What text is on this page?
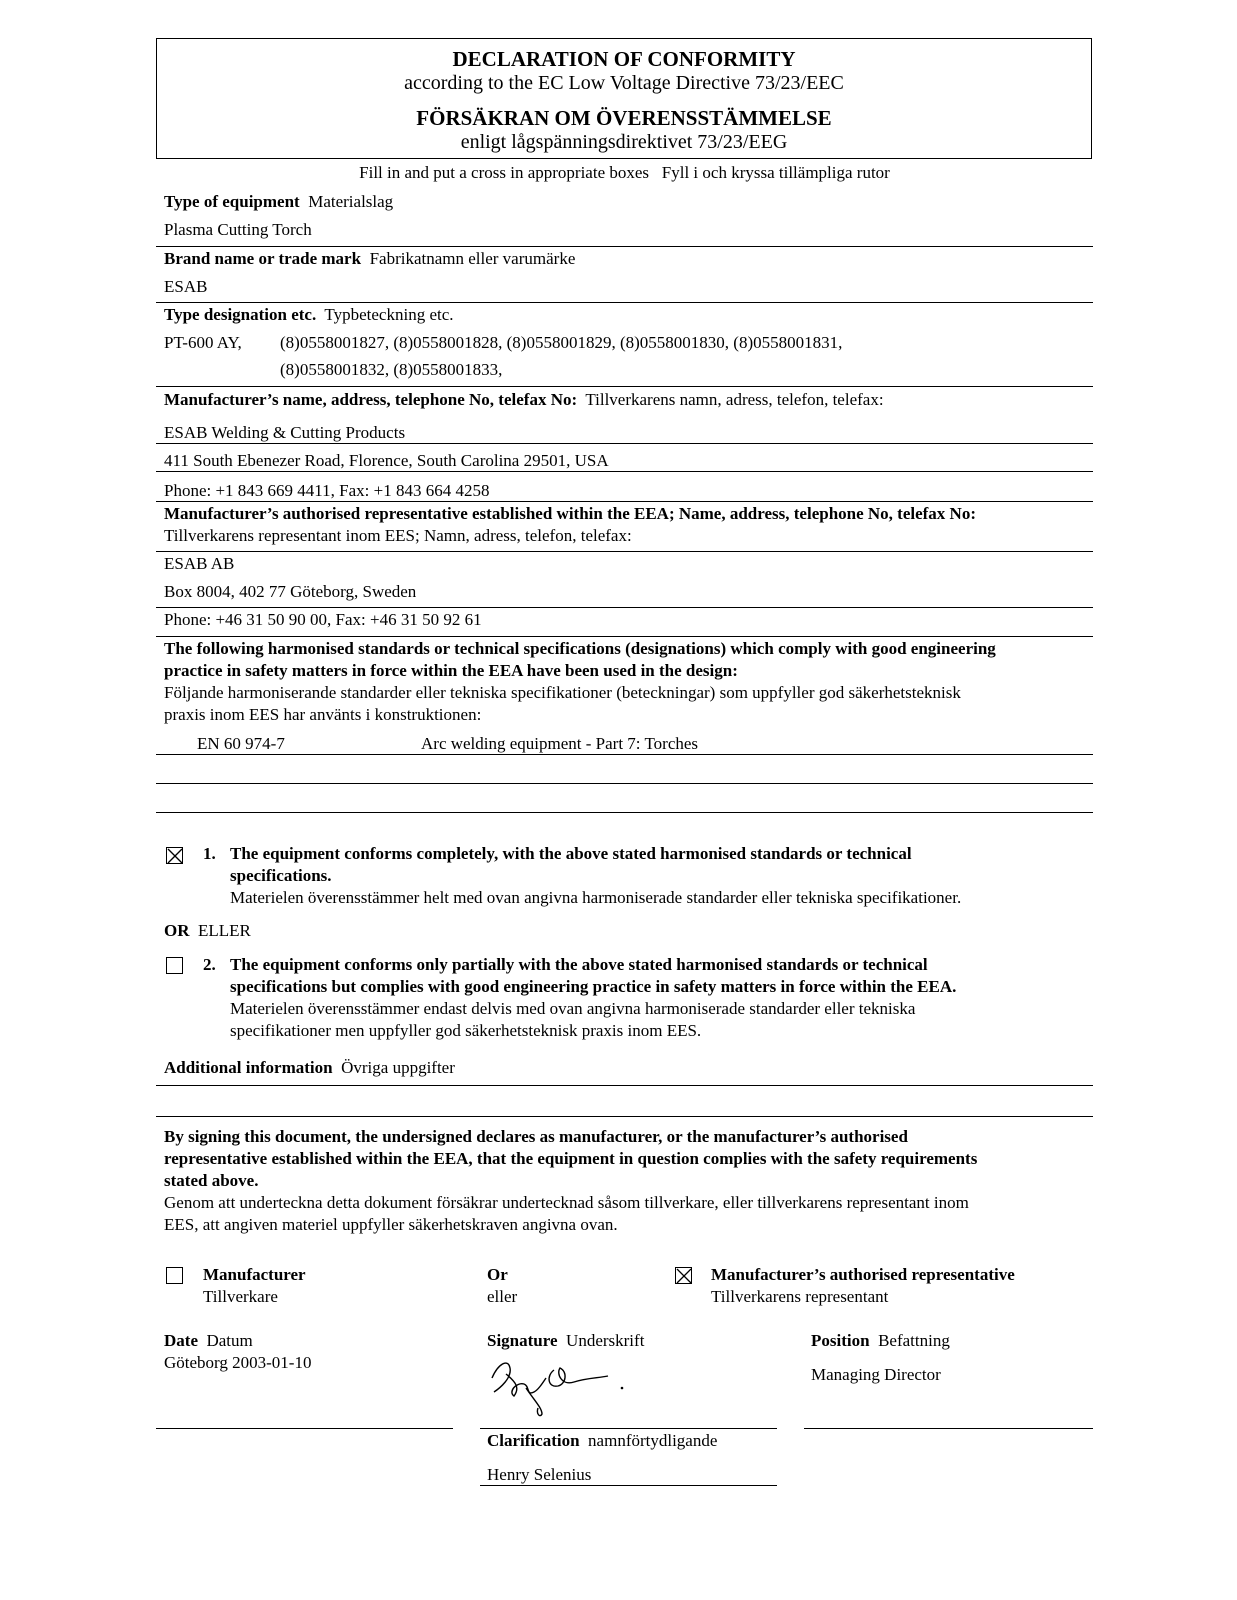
DECLARATION OF CONFORMITY
according to the EC Low Voltage Directive 73/23/EEC
FÖRSÄKRAN OM ÖVERENSSTÄMMELSE
enligt lågspänningsdirektivet 73/23/EEG
Fill in and put a cross in appropriate boxes   Fyll i och kryssa tillämpliga rutor
Type of equipment Materialslag
Plasma Cutting Torch
Brand name or trade mark Fabrikatnamn eller varumärke
ESAB
Type designation etc. Typbeteckning etc.
PT-600 AY, (8)0558001827, (8)0558001828, (8)0558001829, (8)0558001830, (8)0558001831,
(8)0558001832, (8)0558001833,
Manufacturer’s name, address, telephone No, telefax No: Tillverkarens namn, adress, telefon, telefax:
ESAB Welding & Cutting Products
411 South Ebenezer Road, Florence, South Carolina 29501, USA
Phone: +1 843 669 4411, Fax: +1 843 664 4258
Manufacturer’s authorised representative established within the EEA; Name, address, telephone No, telefax No:
Tillverkarens representant inom EES; Namn, adress, telefon, telefax:
ESAB AB
Box 8004, 402 77 Göteborg, Sweden
Phone: +46 31 50 90 00, Fax: +46 31 50 92 61
The following harmonised standards or technical specifications (designations) which comply with good engineering
practice in safety matters in force within the EEA have been used in the design:
Följande harmoniserande standarder eller tekniska specifikationer (beteckningar) som uppfyller god säkerhetsteknisk
praxis inom EES har använts i konstruktionen:
EN 60 974-7	Arc welding equipment - Part 7: Torches
1. The equipment conforms completely, with the above stated harmonised standards or technical
specifications.
Materielen överensstämmer helt med ovan angivna harmoniserade standarder eller tekniska specifikationer.
OR ELLER
2. The equipment conforms only partially with the above stated harmonised standards or technical
specifications but complies with good engineering practice in safety matters in force within the EEA.
Materielen överensstämmer endast delvis med ovan angivna harmoniserade standarder eller tekniska
specifikationer men uppfyller god säkerhetsteknisk praxis inom EES.
Additional information Övriga uppgifter
By signing this document, the undersigned declares as manufacturer, or the manufacturer’s authorised
representative established within the EEA, that the equipment in question complies with the safety requirements
stated above.
Genom att underteckna detta dokument försäkrar undertecknad såsom tillverkare, eller tillverkarens representant inom
EES, att angiven materiel uppfyller säkerhetskraven angivna ovan.
Manufacturer
Tillverkare
Or
eller
Manufacturer’s authorised representative
Tillverkarens representant
Date Datum
Göteborg 2003-01-10
Signature Underskrift	Position Befattning
Managing Director
Clarification namnförtydligande
Henry Selenius
